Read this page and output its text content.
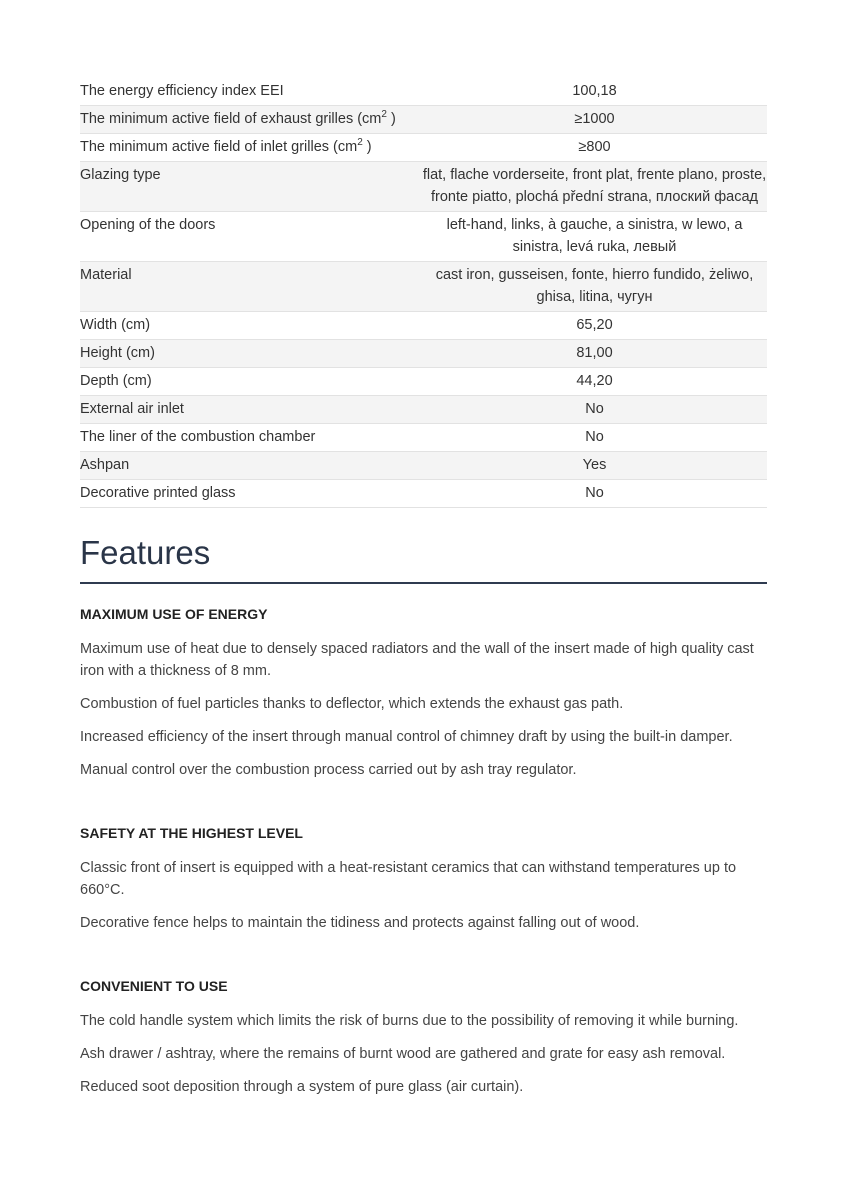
The energy efficiency index EEI	100,18
The minimum active field of exhaust grilles ($cm^2$ )	≥1000
The minimum active field of inlet grilles ($cm^2$ )	≥800
Glazing type	flat, flache vorderseite, front plat, frente plano, proste, fronte piatto, plochá přední strana, плоский фасад
Opening of the doors	left-hand, links, à gauche, a sinistra, w lewo, a sinistra, levá ruka, левый
Material	cast iron, gusseisen, fonte, hierro fundido, żeliwo, ghisa, litina, чугун
Width (cm)	65,20
Height (cm)	81,00
Depth (cm)	44,20
External air inlet	No
The liner of the combustion chamber	No
Ashpan	Yes
Decorative printed glass	No
Features
MAXIMUM USE OF ENERGY

Maximum use of heat due to densely spaced radiators and the wall of the insert made of high quality cast iron with a thickness of 8 mm.

Combustion of fuel particles thanks to deflector, which extends the exhaust gas path.

Increased efficiency of the insert through manual control of chimney draft by using the built-in damper.

Manual control over the combustion process carried out by ash tray regulator.

SAFETY AT THE HIGHEST LEVEL

Classic front of insert is equipped with a heat-resistant ceramics that can withstand temperatures up to 660°C.

Decorative fence helps to maintain the tidiness and protects against falling out of wood.

CONVENIENT TO USE

The cold handle system which limits the risk of burns due to the possibility of removing it while burning.

Ash drawer / ashtray, where the remains of burnt wood are gathered and grate for easy ash removal.

Reduced soot deposition through a system of pure glass (air curtain).
